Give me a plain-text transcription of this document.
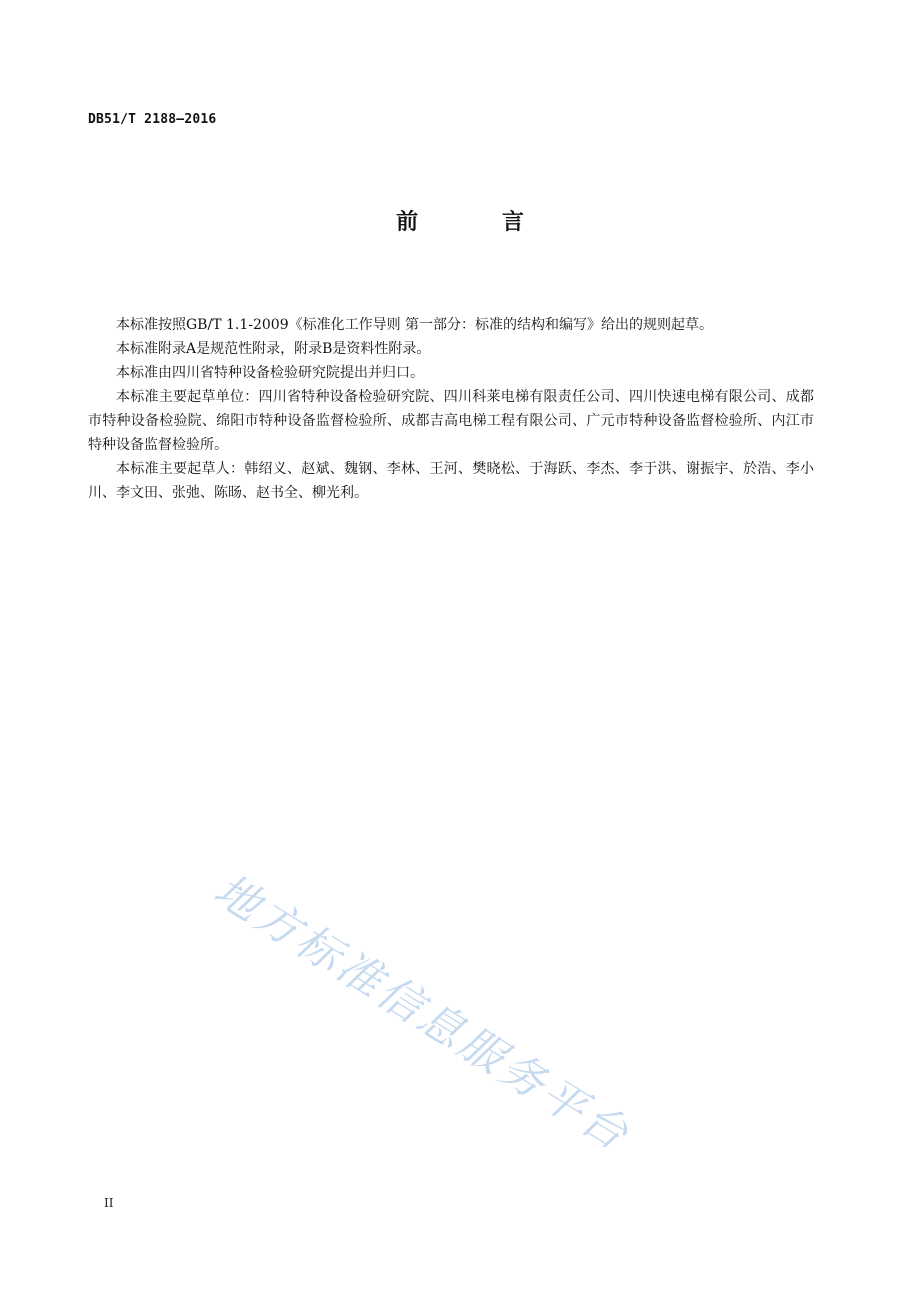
DB51/T 2188—2016
前 言

本标准按照GB/T 1.1-2009《标准化工作导则 第一部分：标准的结构和编写》给出的规则起草。

本标准附录A是规范性附录，附录B是资料性附录。

本标准由四川省特种设备检验研究院提出并归口。

本标准主要起草单位：四川省特种设备检验研究院、四川科莱电梯有限责任公司、四川快速电梯有限公司、成都市特种设备检验院、绵阳市特种设备监督检验所、成都吉高电梯工程有限公司、广元市特种设备监督检验所、内江市特种设备监督检验所。

本标准主要起草人：韩绍义、赵斌、魏钢、李林、王河、樊晓松、于海跃、李杰、李于洪、谢振宇、於浩、李小川、李文田、张弛、陈旸、赵书全、柳光利。

地方标准信息服务平台
II
